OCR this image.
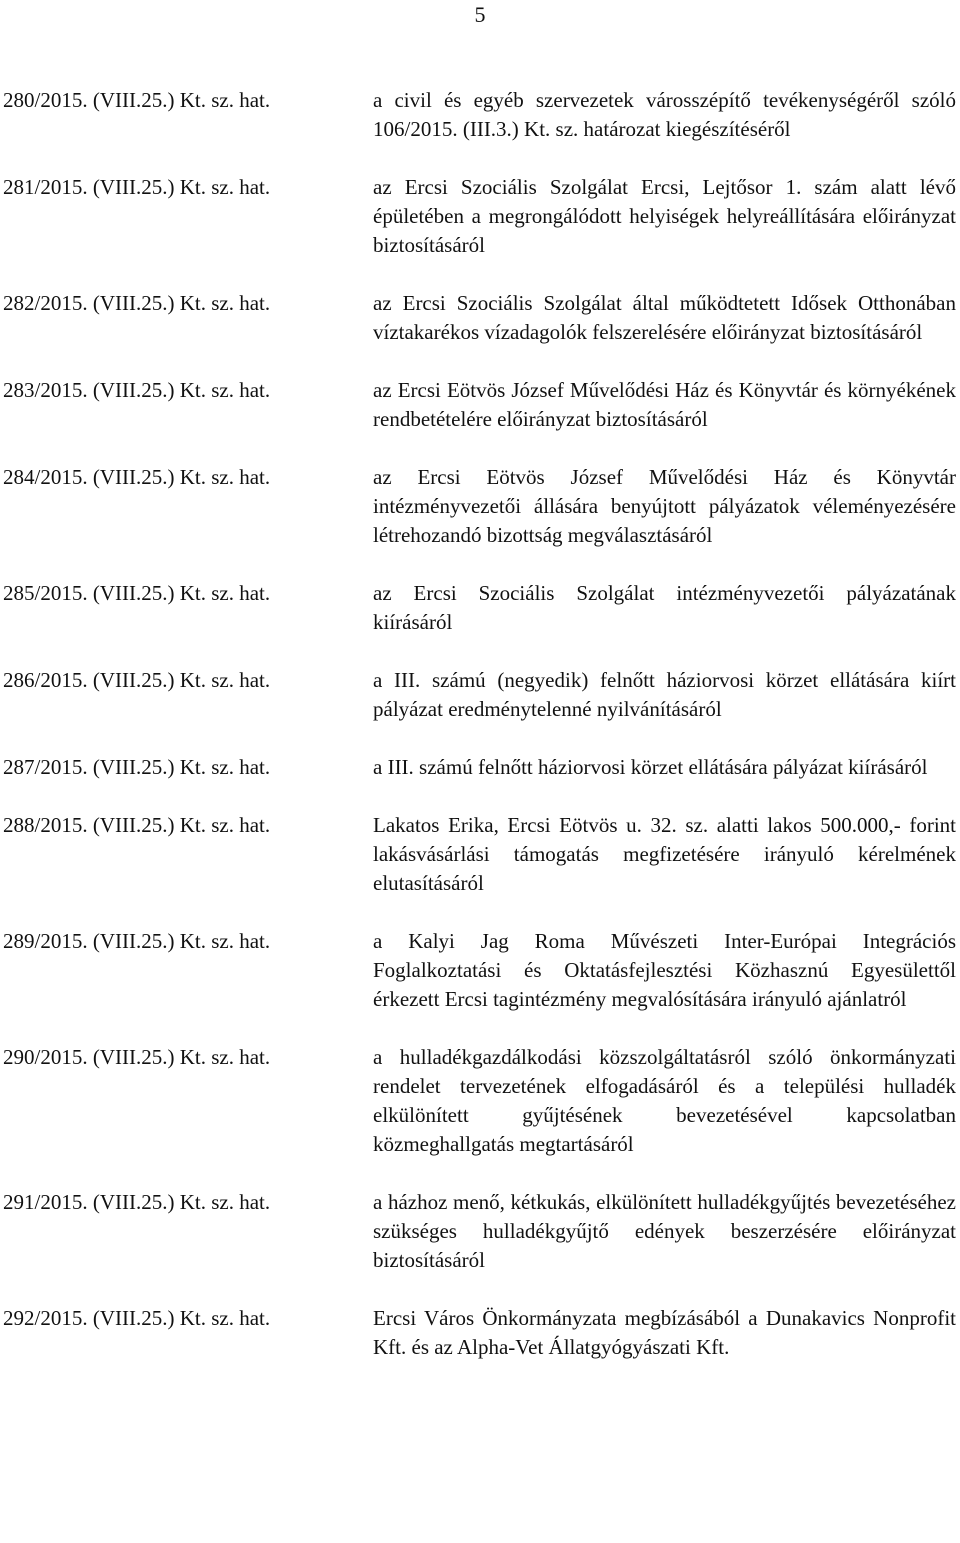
5
280/2015. (VIII.25.) Kt. sz. hat.	a civil és egyéb szervezetek városszépítő tevékenységéről szóló 106/2015. (III.3.) Kt. sz. határozat kiegészítéséről
281/2015. (VIII.25.) Kt. sz. hat.	az Ercsi Szociális Szolgálat Ercsi, Lejtősor 1. szám alatt lévő épületében a megrongálódott helyiségek helyreállítására előirányzat biztosításáról
282/2015. (VIII.25.) Kt. sz. hat.	az Ercsi Szociális Szolgálat által működtetett Idősek Otthonában víztakarékos vízadagolók felszerelésére előirányzat biztosításáról
283/2015. (VIII.25.) Kt. sz. hat.	az Ercsi Eötvös József Művelődési Ház és Könyvtár és környékének rendbetételére előirányzat biztosításáról
284/2015. (VIII.25.) Kt. sz. hat.	az Ercsi Eötvös József Művelődési Ház és Könyvtár intézményvezetői állására benyújtott pályázatok véleményezésére létrehozandó bizottság megválasztásáról
285/2015. (VIII.25.) Kt. sz. hat.	az Ercsi Szociális Szolgálat intézményvezetői pályázatának kiírásáról
286/2015. (VIII.25.) Kt. sz. hat.	a III. számú (negyedik) felnőtt háziorvosi körzet ellátására kiírt pályázat eredménytelenné nyilvánításáról
287/2015. (VIII.25.) Kt. sz. hat.	a III. számú felnőtt háziorvosi körzet ellátására pályázat kiírásáról
288/2015. (VIII.25.) Kt. sz. hat.	Lakatos Erika, Ercsi Eötvös u. 32. sz. alatti lakos 500.000,- forint lakásvásárlási támogatás megfizetésére irányuló kérelmének elutasításáról
289/2015. (VIII.25.) Kt. sz. hat.	a Kalyi Jag Roma Művészeti Inter-Európai Integrációs Foglalkoztatási és Oktatásfejlesztési Közhasznú Egyesülettől érkezett Ercsi tagintézmény megvalósítására irányuló ajánlatról
290/2015. (VIII.25.) Kt. sz. hat.	a hulladékgazdálkodási közszolgáltatásról szóló önkormányzati rendelet tervezetének elfogadásáról és a települési hulladék elkülönített gyűjtésének bevezetésével kapcsolatban közmeghallgatás megtartásáról
291/2015. (VIII.25.) Kt. sz. hat.	a házhoz menő, kétkukás, elkülönített hulladékgyűjtés bevezetéséhez szükséges hulladékgyűjtő edények beszerzésére előirányzat biztosításáról
292/2015. (VIII.25.) Kt. sz. hat.	Ercsi Város Önkormányzata megbízásából a Dunakavics Nonprofit Kft. és az Alpha-Vet Állatgyógyászati Kft.
